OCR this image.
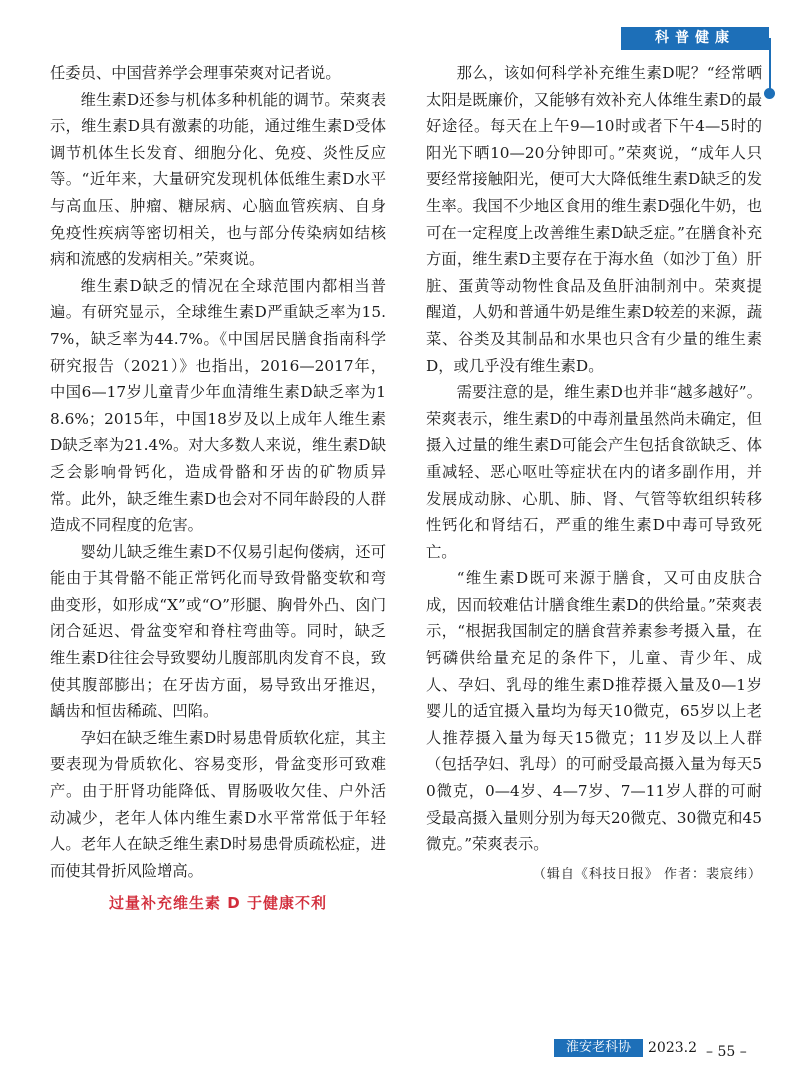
科普健康

任委员、中国营养学会理事荣爽对记者说。

维生素D还参与机体多种机能的调节。荣爽表示，维生素D具有激素的功能，通过维生素D受体调节机体生长发育、细胞分化、免疫、炎性反应等。“近年来，大量研究发现机体低维生素D水平与高血压、肿瘤、糖尿病、心脑血管疾病、自身免疫性疾病等密切相关，也与部分传染病如结核病和流感的发病相关。”荣爽说。

维生素D缺乏的情况在全球范围内都相当普遍。有研究显示，全球维生素D严重缺乏率为15.7%，缺乏率为44.7%。《中国居民膳食指南科学研究报告（2021）》也指出，2016—2017年，中国6—17岁儿童青少年血清维生素D缺乏率为18.6%；2015年，中国18岁及以上成年人维生素D缺乏率为21.4%。对大多数人来说，维生素D缺乏会影响骨钙化，造成骨骼和牙齿的矿物质异常。此外，缺乏维生素D也会对不同年龄段的人群造成不同程度的危害。

婴幼儿缺乏维生素D不仅易引起佝偻病，还可能由于其骨骼不能正常钙化而导致骨骼变软和弯曲变形，如形成“X”或“O”形腿、胸骨外凸、囟门闭合延迟、骨盆变窄和脊柱弯曲等。同时，缺乏维生素D往往会导致婴幼儿腹部肌肉发育不良，致使其腹部膨出；在牙齿方面，易导致出牙推迟，龋齿和恒齿稀疏、凹陷。

孕妇在缺乏维生素D时易患骨质软化症，其主要表现为骨质软化、容易变形，骨盆变形可致难产。由于肝肾功能降低、胃肠吸收欠佳、户外活动减少，老年人体内维生素D水平常常低于年轻人。老年人在缺乏维生素D时易患骨质疏松症，进而使其骨折风险增高。

过量补充维生素 D 于健康不利

那么，该如何科学补充维生素D呢？“经常晒太阳是既廉价，又能够有效补充人体维生素D的最好途径。每天在上午9—10时或者下午4—5时的阳光下晒10—20分钟即可。”荣爽说，“成年人只要经常接触阳光，便可大大降低维生素D缺乏的发生率。我国不少地区食用的维生素D强化牛奶，也可在一定程度上改善维生素D缺乏症。”在膳食补充方面，维生素D主要存在于海水鱼（如沙丁鱼）肝脏、蛋黄等动物性食品及鱼肝油制剂中。荣爽提醒道，人奶和普通牛奶是维生素D较差的来源，蔬菜、谷类及其制品和水果也只含有少量的维生素D，或几乎没有维生素D。

需要注意的是，维生素D也并非“越多越好”。荣爽表示，维生素D的中毒剂量虽然尚未确定，但摄入过量的维生素D可能会产生包括食欲缺乏、体重减轻、恶心呕吐等症状在内的诸多副作用，并发展成动脉、心肌、肺、肾、气管等软组织转移性钙化和肾结石，严重的维生素D中毒可导致死亡。

“维生素D既可来源于膳食，又可由皮肤合成，因而较难估计膳食维生素D的供给量。”荣爽表示，“根据我国制定的膳食营养素参考摄入量，在钙磷供给量充足的条件下，儿童、青少年、成人、孕妇、乳母的维生素D推荐摄入量及0—1岁婴儿的适宜摄入量均为每天10微克，65岁以上老人推荐摄入量为每天15微克；11岁及以上人群（包括孕妇、乳母）的可耐受最高摄入量为每天50微克，0—4岁、4—7岁、7—11岁人群的可耐受最高摄入量则分别为每天20微克、30微克和45微克。”荣爽表示。

（辑自《科技日报》 作者：裴宸纬）
淮安老科协	2023.2 – 55 –
